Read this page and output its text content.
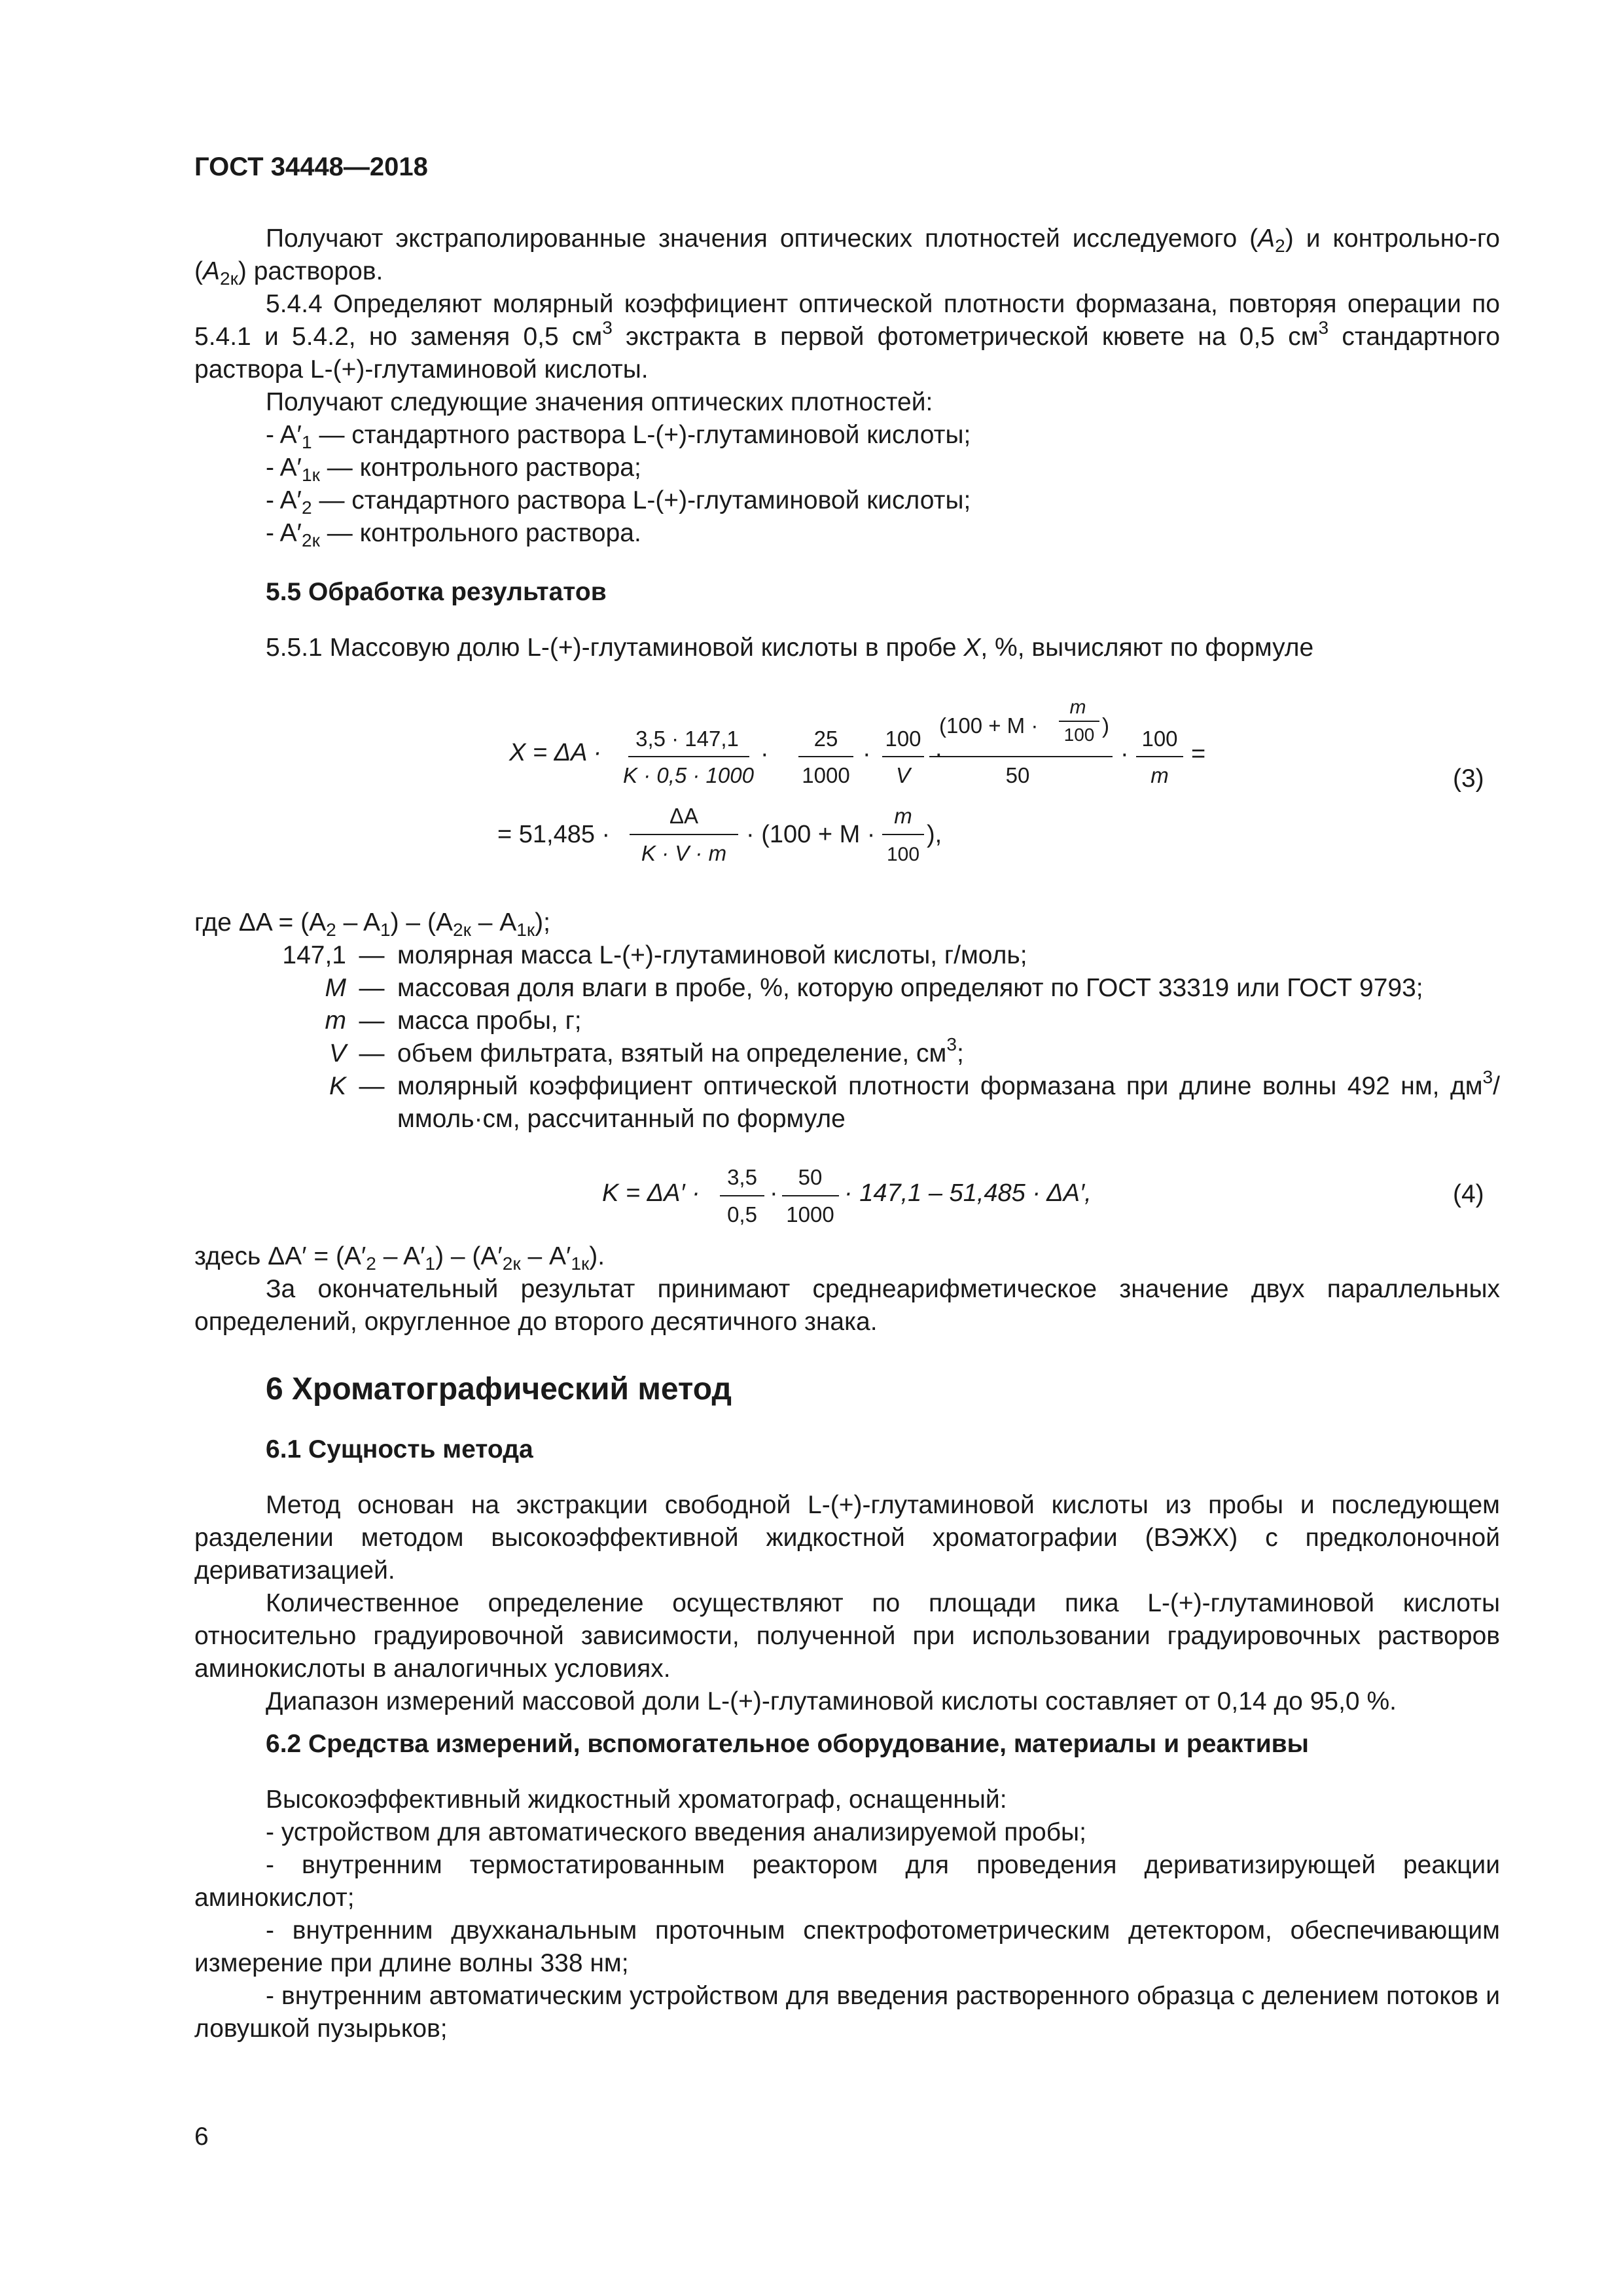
ГОСТ 34448—2018
Получают экстраполированные значения оптических плотностей исследуемого $(A_2)$ и контрольно-го $(A_{2к})$ растворов.
5.4.4 Определяют молярный коэффициент оптической плотности формазана, повторяя операции по 5.4.1 и 5.4.2, но заменяя 0,5 $см^3$ экстракта в первой фотометрической кювете на 0,5 $см^3$ стандартного раствора L-(+)-глутаминовой кислоты.
Получают следующие значения оптических плотностей:
- $A'_1$ — стандартного раствора L-(+)-глутаминовой кислоты;
- $A'_{1к}$ — контрольного раствора;
- $A'_2$ — стандартного раствора L-(+)-глутаминовой кислоты;
- $A'_{2к}$ — контрольного раствора.
5.5 Обработка результатов
5.5.1 Массовую долю L-(+)-глутаминовой кислоты в пробе X, %, вычисляют по формуле
X = ΔA ·
3,5 · 147,1
K · 0,5 · 1000
·
25
1000
·
100
V
·
(100 + M ·
m
100 )
50
·
100
m
=
= 51,485 ·
ΔA
K · V · m
· (100 + M ·
m
100
),
(3)
где $\Delta A = (A_2 - A_1) - (A_{2к} - A_{1к})$;
147,1 — молярная масса L-(+)-глутаминовой кислоты, г/моль;
M — массовая доля влаги в пробе, %, которую определяют по ГОСТ 33319 или ГОСТ 9793;
m — масса пробы, г;
V — объем фильтрата, взятый на определение, $см^3$;
K — молярный коэффициент оптической плотности формазана при длине волны 492 нм, $дм^3/ммоль\cdot см$, рассчитанный по формуле
K = ΔA′ ·
3,5
0,5
·
50
1000
· 147,1 – 51,485 · ΔA′,	(4)
здесь $\Delta A' = (A'_2 - A'_1) - (A'_{2к} - A'_{1к})$.
За окончательный результат принимают среднеарифметическое значение двух параллельных определений, округленное до второго десятичного знака.
6 Хроматографический метод
6.1 Сущность метода
Метод основан на экстракции свободной L-(+)-глутаминовой кислоты из пробы и последующем разделении методом высокоэффективной жидкостной хроматографии (ВЭЖХ) с предколоночной дериватизацией.
Количественное определение осуществляют по площади пика L-(+)-глутаминовой кислоты относительно градуировочной зависимости, полученной при использовании градуировочных растворов аминокислоты в аналогичных условиях.
Диапазон измерений массовой доли L-(+)-глутаминовой кислоты составляет от 0,14 до 95,0 %.
6.2 Средства измерений, вспомогательное оборудование, материалы и реактивы
Высокоэффективный жидкостный хроматограф, оснащенный:
- устройством для автоматического введения анализируемой пробы;
- внутренним термостатированным реактором для проведения дериватизирующей реакции аминокислот;
- внутренним двухканальным проточным спектрофотометрическим детектором, обеспечивающим измерение при длине волны 338 нм;
- внутренним автоматическим устройством для введения растворенного образца с делением потоков и ловушкой пузырьков;
6
